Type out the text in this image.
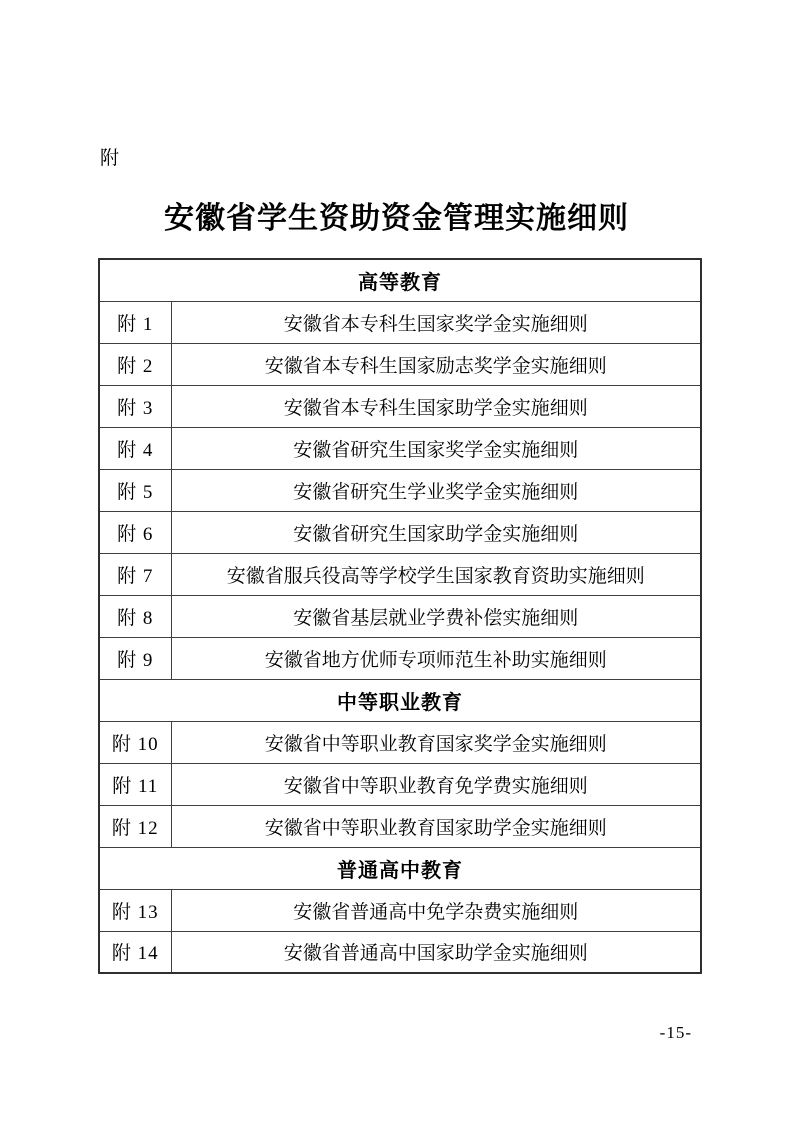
附
安徽省学生资助资金管理实施细则
高等教育	
附 1	安徽省本专科生国家奖学金实施细则
附 2	安徽省本专科生国家励志奖学金实施细则
附 3	安徽省本专科生国家助学金实施细则
附 4	安徽省研究生国家奖学金实施细则
附 5	安徽省研究生学业奖学金实施细则
附 6	安徽省研究生国家助学金实施细则
附 7	安徽省服兵役高等学校学生国家教育资助实施细则
附 8	安徽省基层就业学费补偿实施细则
附 9	安徽省地方优师专项师范生补助实施细则
中等职业教育	
附 10	安徽省中等职业教育国家奖学金实施细则
附 11	安徽省中等职业教育免学费实施细则
附 12	安徽省中等职业教育国家助学金实施细则
普通高中教育	
附 13	安徽省普通高中免学杂费实施细则
附 14	安徽省普通高中国家助学金实施细则
-15-
